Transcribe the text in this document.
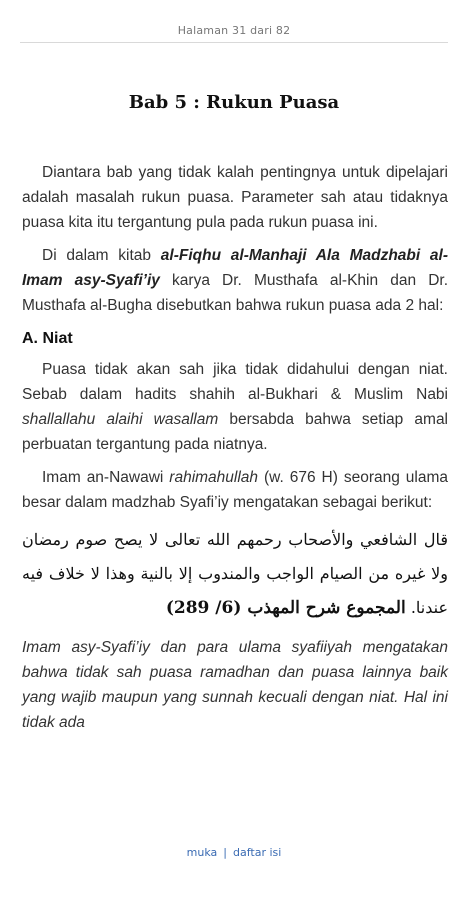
Halaman 31 dari 82
Bab 5 : Rukun Puasa

Diantara bab yang tidak kalah pentingnya untuk dipelajari adalah masalah rukun puasa. Parameter sah atau tidaknya puasa kita itu tergantung pula pada rukun puasa ini.

Di dalam kitab al-Fiqhu al-Manhaji Ala Madzhabi al-Imam asy-Syafi’iy karya Dr. Musthafa al-Khin dan Dr. Musthafa al-Bugha disebutkan bahwa rukun puasa ada 2 hal:

A. Niat

Puasa tidak akan sah jika tidak didahului dengan niat. Sebab dalam hadits shahih al-Bukhari & Muslim Nabi shallallahu alaihi wasallam bersabda bahwa setiap amal perbuatan tergantung pada niatnya.

Imam an-Nawawi rahimahullah (w. 676 H) seorang ulama besar dalam madzhab Syafi’iy mengatakan sebagai berikut:

قال الشافعي والأصحاب رحمهم الله تعالى لا يصح صوم رمضان ولا غيره من الصيام الواجب والمندوب إلا بالنية وهذا لا خلاف فيه عندنا. المجموع شرح المهذب (6/ 289)

Imam asy-Syafi’iy dan para ulama syafiiyah mengatakan bahwa tidak sah puasa ramadhan dan puasa lainnya baik yang wajib maupun yang sunnah kecuali dengan niat. Hal ini tidak ada

muka | daftar isi
